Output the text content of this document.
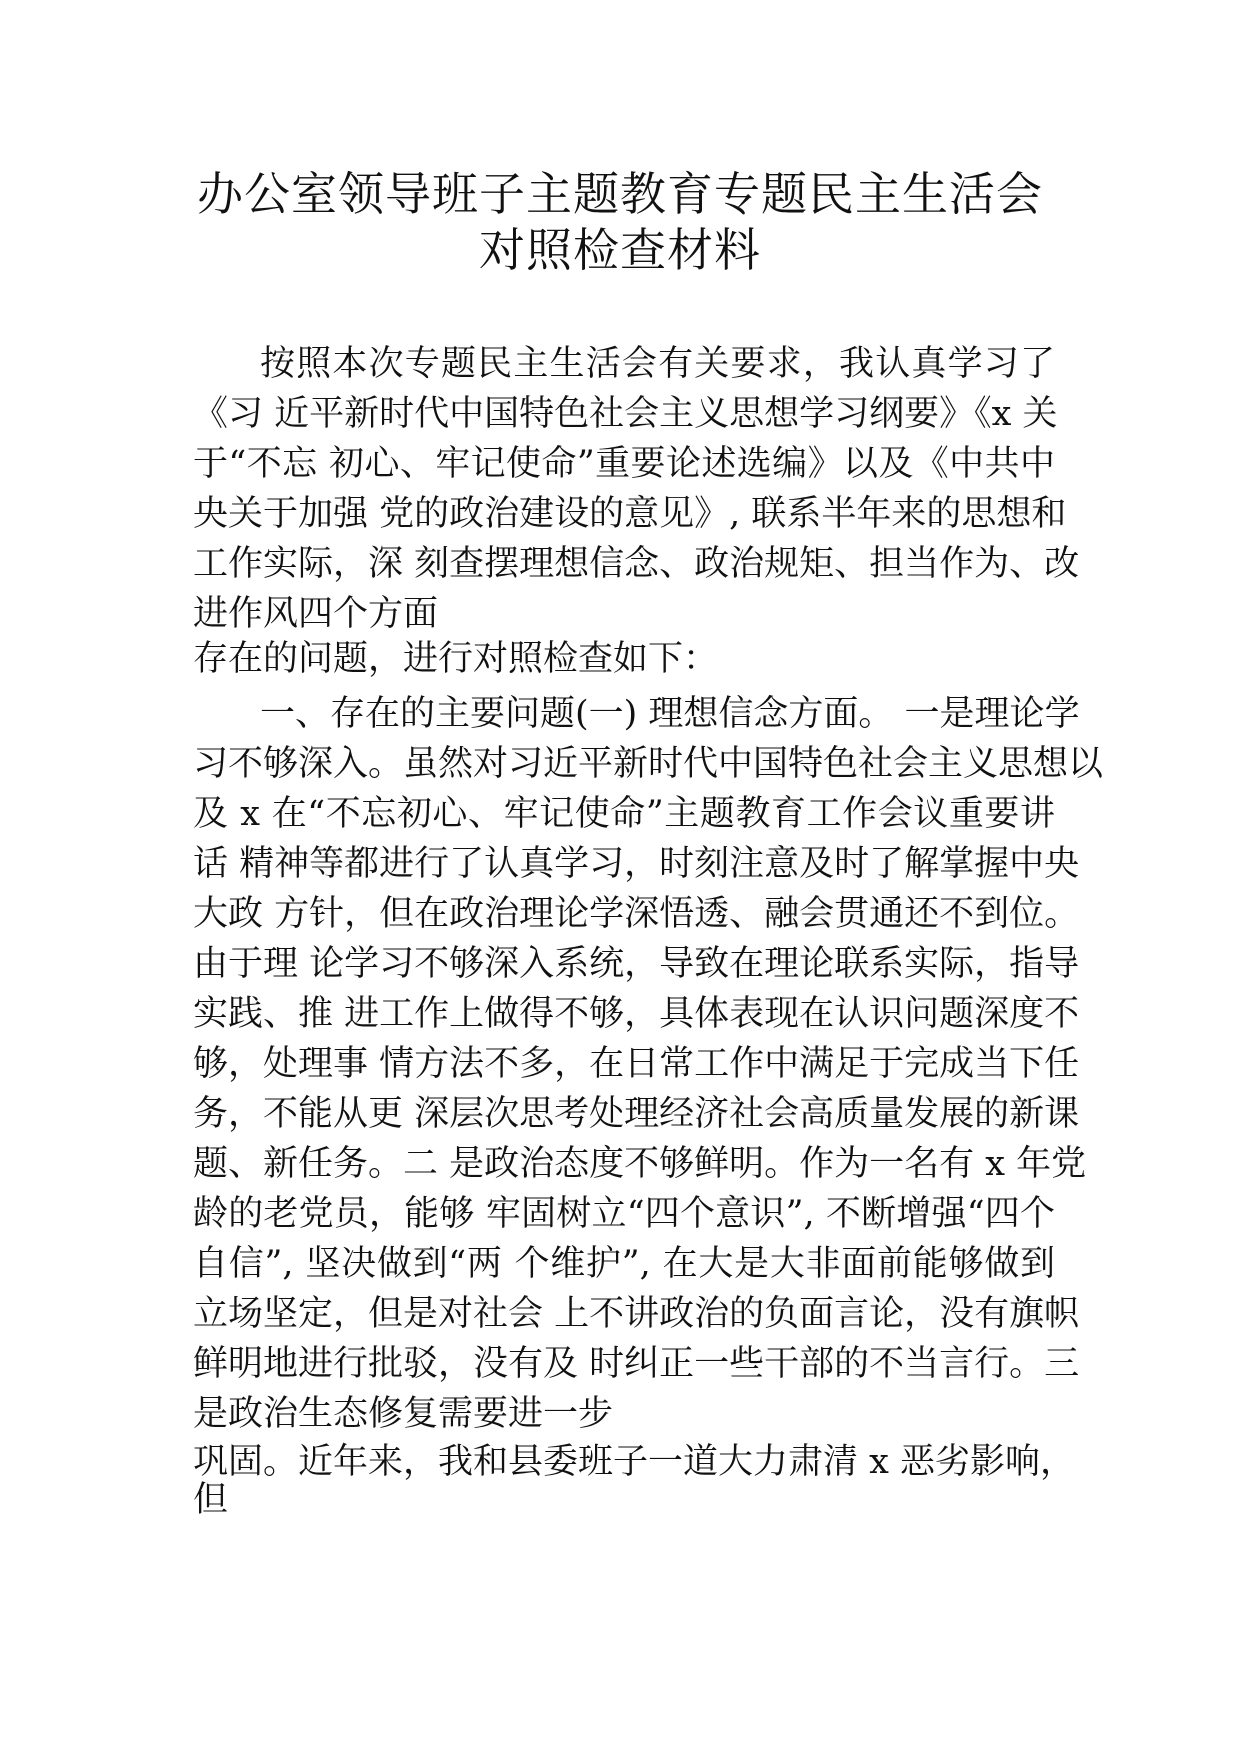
办公室领导班子主题教育专题民主生活会
对照检查材料
按照本次专题民主生活会有关要求，我认真学习了
《习 近平新时代中国特色社会主义思想学习纲要》《x 关
于“不忘 初心、牢记使命”重要论述选编》以及《中共中
央关于加强 党的政治建设的意见》, 联系半年来的思想和
工作实际，深 刻查摆理想信念、政治规矩、担当作为、改
进作风四个方面
存在的问题，进行对照检查如下：
一、存在的主要问题(一) 理想信念方面。 一是理论学
习不够深入。虽然对习近平新时代中国特色社会主义思想以
及 x 在“不忘初心、牢记使命”主题教育工作会议重要讲
话 精神等都进行了认真学习，时刻注意及时了解掌握中央
大政 方针，但在政治理论学深悟透、融会贯通还不到位。
由于理 论学习不够深入系统，导致在理论联系实际，指导
实践、推 进工作上做得不够，具体表现在认识问题深度不
够，处理事 情方法不多，在日常工作中满足于完成当下任
务，不能从更 深层次思考处理经济社会高质量发展的新课
题、新任务。二 是政治态度不够鲜明。作为一名有 x 年党
龄的老党员，能够 牢固树立“四个意识”, 不断增强“四个
自信”, 坚决做到“两 个维护”, 在大是大非面前能够做到
立场坚定，但是对社会 上不讲政治的负面言论，没有旗帜
鲜明地进行批驳，没有及 时纠正一些干部的不当言行。三
是政治生态修复需要进一步
巩固。近年来，我和县委班子一道大力肃清 x 恶劣影响，
但
